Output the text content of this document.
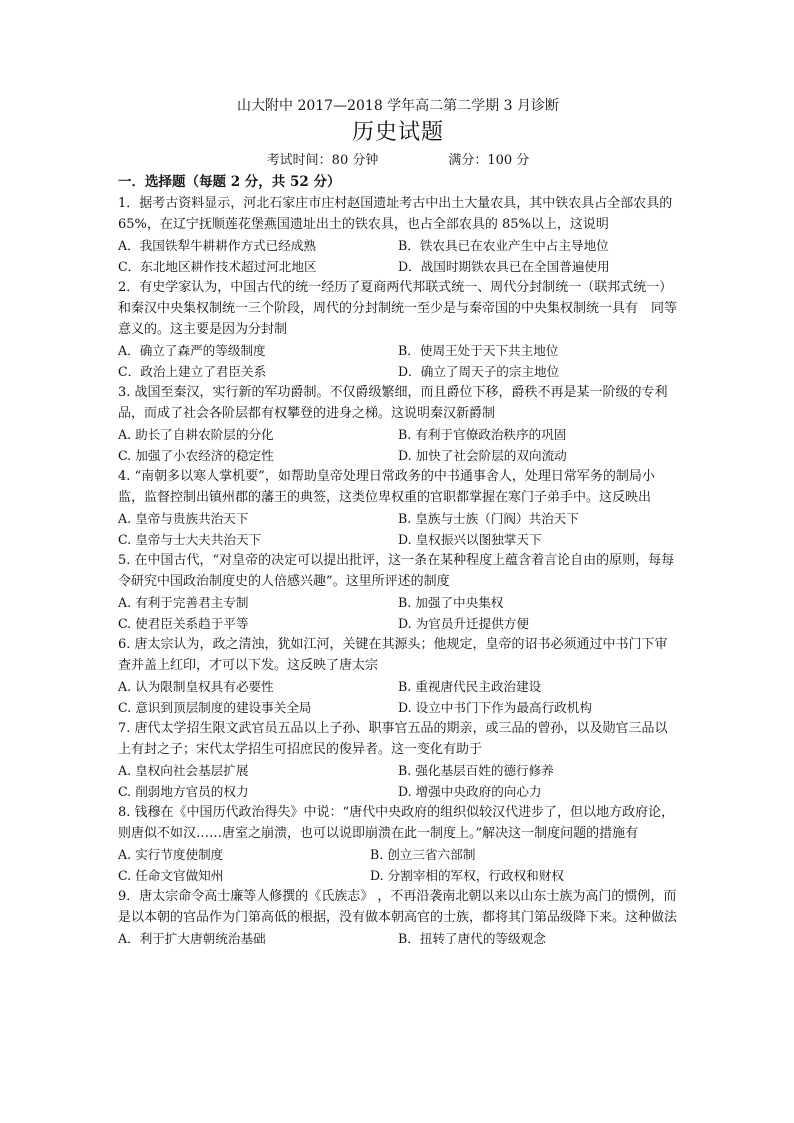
山大附中 2017—2018 学年高二第二学期 3 月诊断

历史试题
考试时间：80 分钟	满分：100 分

一．选择题（每题 2 分，共 52 分）

1．据考古资料显示，河北石家庄市庄村赵国遗址考古中出土大量农具，其中铁农具占全部农具的65%，在辽宁抚顺莲花堡燕国遗址出土的铁农具，也占全部农具的 85%以上，这说明

A．我国铁犁牛耕耕作方式已经成熟	B．铁农具已在农业产生中占主导地位
C．东北地区耕作技术超过河北地区	D．战国时期铁农具已在全国普遍使用

2．有史学家认为，中国古代的统一经历了夏商两代邦联式统一、周代分封制统一（联邦式统一）和秦汉中央集权制统一三个阶段，周代的分封制统一至少是与秦帝国的中央集权制统一具有　同等意义的。这主要是因为分封制

A．确立了森严的等级制度	B．使周王处于天下共主地位
C．政治上建立了君臣关系	D．确立了周天子的宗主地位

3. 战国至秦汉，实行新的军功爵制。不仅爵级繁细，而且爵位下移，爵秩不再是某一阶级的专利品，而成了社会各阶层都有权攀登的进身之梯。这说明秦汉新爵制

A. 助长了自耕农阶层的分化	B. 有利于官僚政治秩序的巩固
C. 加强了小农经济的稳定性	D. 加快了社会阶层的双向流动

4. “南朝多以寒人掌机要”，如帮助皇帝处理日常政务的中书通事舍人，处理日常军务的制局小监，监督控制出镇州郡的藩王的典签，这类位卑权重的官职都掌握在寒门子弟手中。这反映出

A. 皇帝与贵族共治天下	B. 皇族与士族（门阀）共治天下
C. 皇帝与士大夫共治天下	D. 皇权振兴以图独掌天下

5. 在中国古代，“对皇帝的决定可以提出批评，这一条在某种程度上蕴含着言论自由的原则，每每令研究中国政治制度史的人倍感兴趣”。这里所评述的制度

A. 有利于完善君主专制	B. 加强了中央集权
C. 使君臣关系趋于平等	D. 为官员升迁提供方便

6. 唐太宗认为，政之清浊，犹如江河，关键在其源头；他规定，皇帝的诏书必须通过中书门下审查并盖上红印，才可以下发。这反映了唐太宗

A. 认为限制皇权具有必要性	B. 重视唐代民主政治建设
C. 意识到顶层制度的建设事关全局	D. 设立中书门下作为最高行政机构

7. 唐代太学招生限文武官员五品以上子孙、职事官五品的期亲，或三品的曾孙，以及勋官三品以上有封之子；宋代太学招生可招庶民的俊异者。这一变化有助于

A. 皇权向社会基层扩展	B. 强化基层百姓的德行修养
C. 削弱地方官员的权力	D. 增强中央政府的向心力

8. 钱穆在《中国历代政治得失》中说：“唐代中央政府的组织似较汉代进步了，但以地方政府论，则唐似不如汉……唐室之崩溃，也可以说即崩溃在此一制度上。”解决这一制度问题的措施有

A. 实行节度使制度	B. 创立三省六部制
C. 任命文官做知州	D. 分割宰相的军权，行政权和财权

9．唐太宗命令高士廉等人修撰的《氏族志》 ，不再沿袭南北朝以来以山东士族为高门的惯例，而是以本朝的官品作为门第高低的根据，没有做本朝高官的士族，都将其门第品级降下来。这种做法

A．利于扩大唐朝统治基础	B．扭转了唐代的等级观念
